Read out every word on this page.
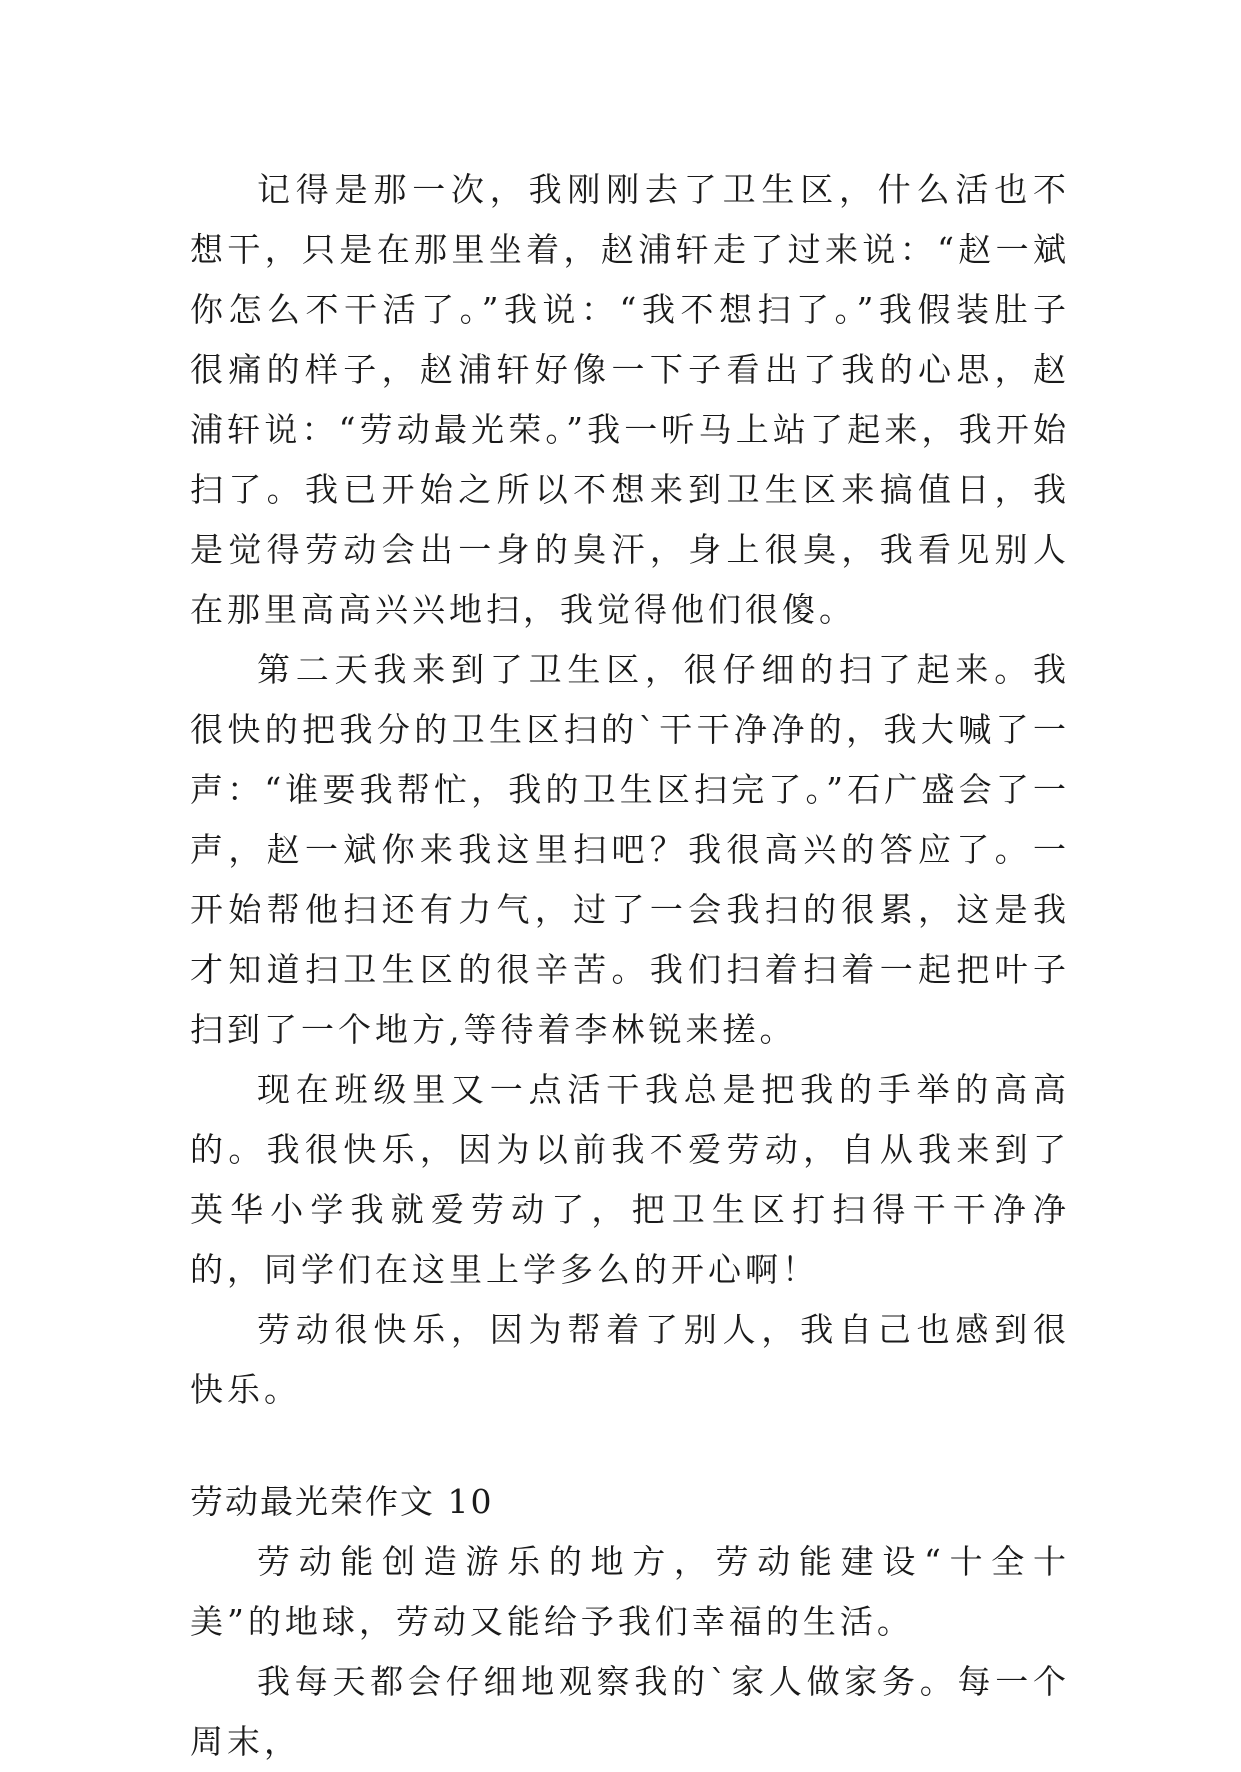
记得是那一次，我刚刚去了卫生区，什么活也不想干，只是在那里坐着，赵浦轩走了过来说：“赵一斌你怎么不干活了。”我说：“我不想扫了。”我假装肚子很痛的样子，赵浦轩好像一下子看出了我的心思，赵浦轩说：“劳动最光荣。”我一听马上站了起来，我开始扫了。我已开始之所以不想来到卫生区来搞值日，我是觉得劳动会出一身的臭汗，身上很臭，我看见别人在那里高高兴兴地扫，我觉得他们很傻。

第二天我来到了卫生区，很仔细的扫了起来。我很快的把我分的卫生区扫的`干干净净的，我大喊了一声：“谁要我帮忙，我的卫生区扫完了。”石广盛会了一声，赵一斌你来我这里扫吧？我很高兴的答应了。一开始帮他扫还有力气，过了一会我扫的很累，这是我才知道扫卫生区的很辛苦。我们扫着扫着一起把叶子扫到了一个地方,等待着李林锐来搓。

现在班级里又一点活干我总是把我的手举的高高的。我很快乐，因为以前我不爱劳动，自从我来到了英华小学我就爱劳动了，把卫生区打扫得干干净净的，同学们在这里上学多么的开心啊！

劳动很快乐，因为帮着了别人，我自己也感到很快乐。

劳动最光荣作文 10

劳动能创造游乐的地方，劳动能建设“十全十美”的地球，劳动又能给予我们幸福的生活。

我每天都会仔细地观察我的`家人做家务。每一个周末，
